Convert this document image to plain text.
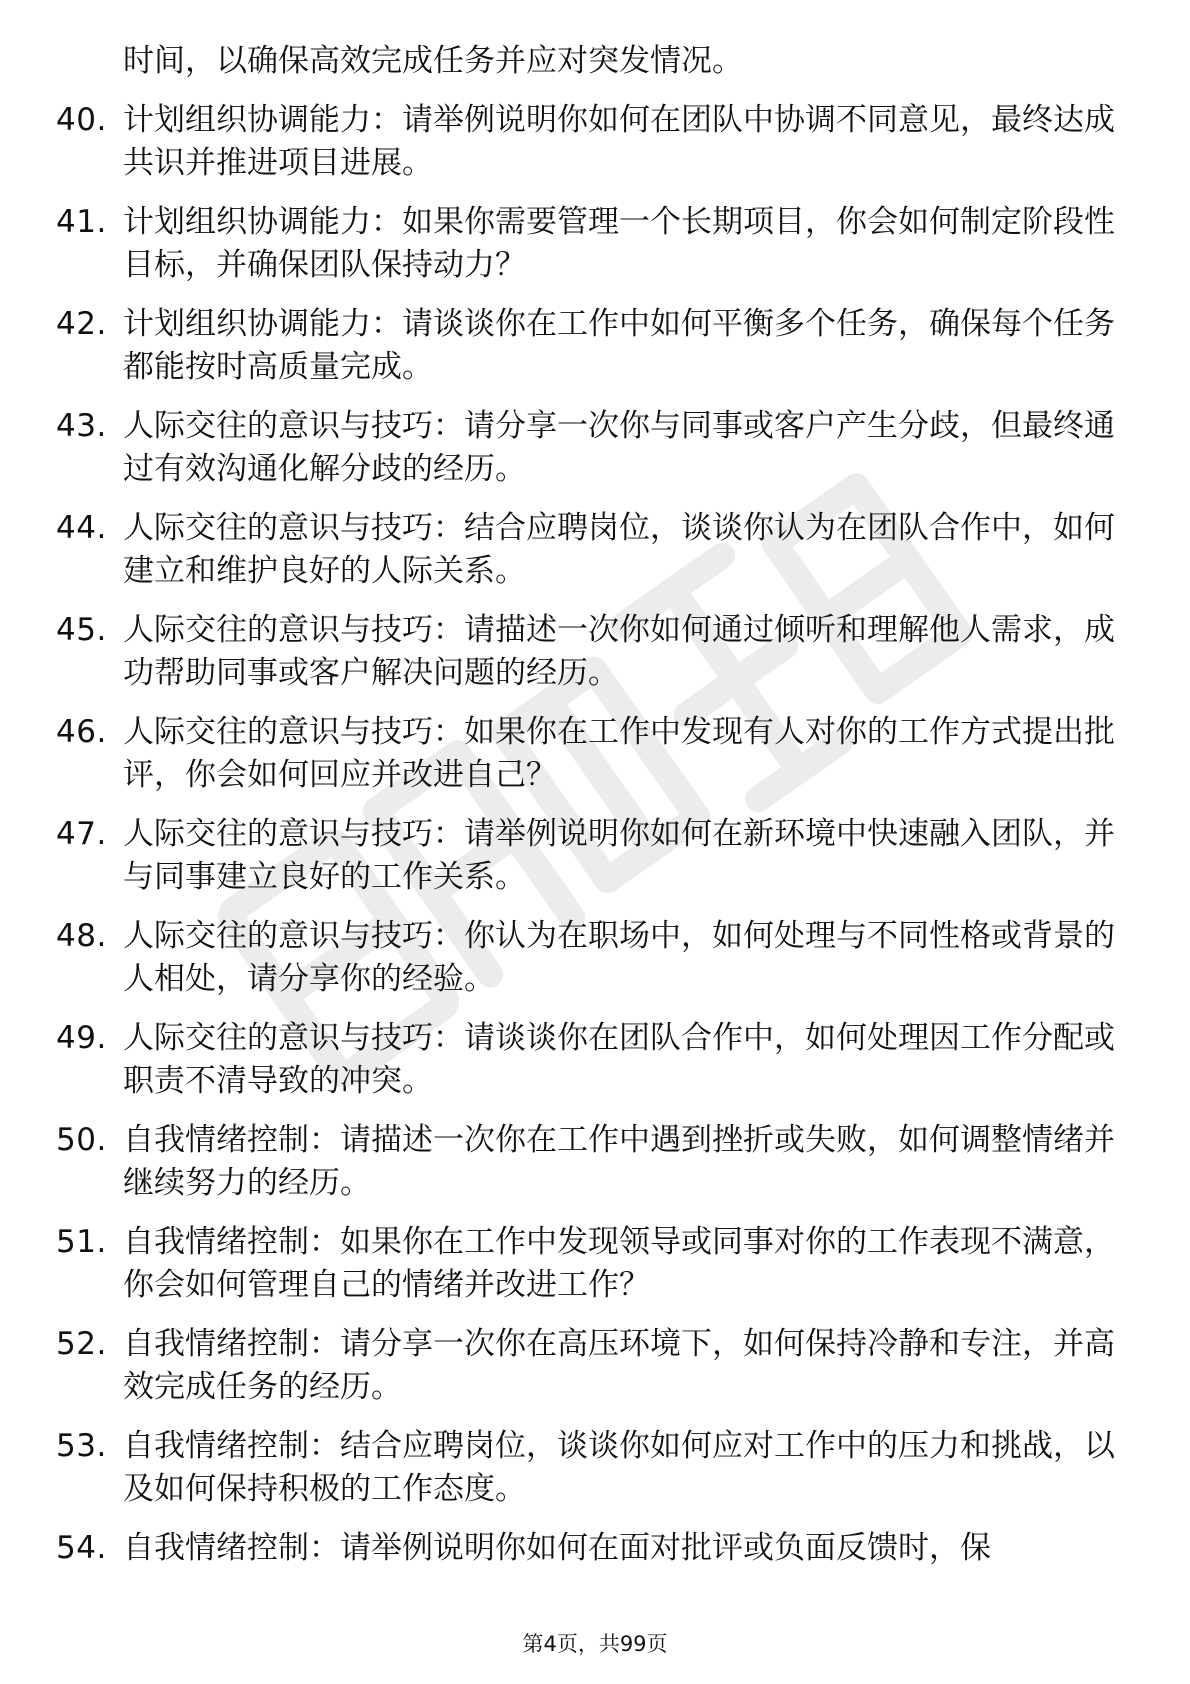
时间，以确保高效完成任务并应对突发情况。
40. 计划组织协调能力：请举例说明你如何在团队中协调不同意见，最终达成共识并推进项目进展。
41. 计划组织协调能力：如果你需要管理一个长期项目，你会如何制定阶段性目标，并确保团队保持动力？
42. 计划组织协调能力：请谈谈你在工作中如何平衡多个任务，确保每个任务都能按时高质量完成。
43. 人际交往的意识与技巧：请分享一次你与同事或客户产生分歧，但最终通过有效沟通化解分歧的经历。
44. 人际交往的意识与技巧：结合应聘岗位，谈谈你认为在团队合作中，如何建立和维护良好的人际关系。
45. 人际交往的意识与技巧：请描述一次你如何通过倾听和理解他人需求，成功帮助同事或客户解决问题的经历。
46. 人际交往的意识与技巧：如果你在工作中发现有人对你的工作方式提出批评，你会如何回应并改进自己？
47. 人际交往的意识与技巧：请举例说明你如何在新环境中快速融入团队，并与同事建立良好的工作关系。
48. 人际交往的意识与技巧：你认为在职场中，如何处理与不同性格或背景的人相处，请分享你的经验。
49. 人际交往的意识与技巧：请谈谈你在团队合作中，如何处理因工作分配或职责不清导致的冲突。
50. 自我情绪控制：请描述一次你在工作中遇到挫折或失败，如何调整情绪并继续努力的经历。
51. 自我情绪控制：如果你在工作中发现领导或同事对你的工作表现不满意，你会如何管理自己的情绪并改进工作？
52. 自我情绪控制：请分享一次你在高压环境下，如何保持冷静和专注，并高效完成任务的经历。
53. 自我情绪控制：结合应聘岗位，谈谈你如何应对工作中的压力和挑战，以及如何保持积极的工作态度。
54. 自我情绪控制：请举例说明你如何在面对批评或负面反馈时，保
第4页，共99页
